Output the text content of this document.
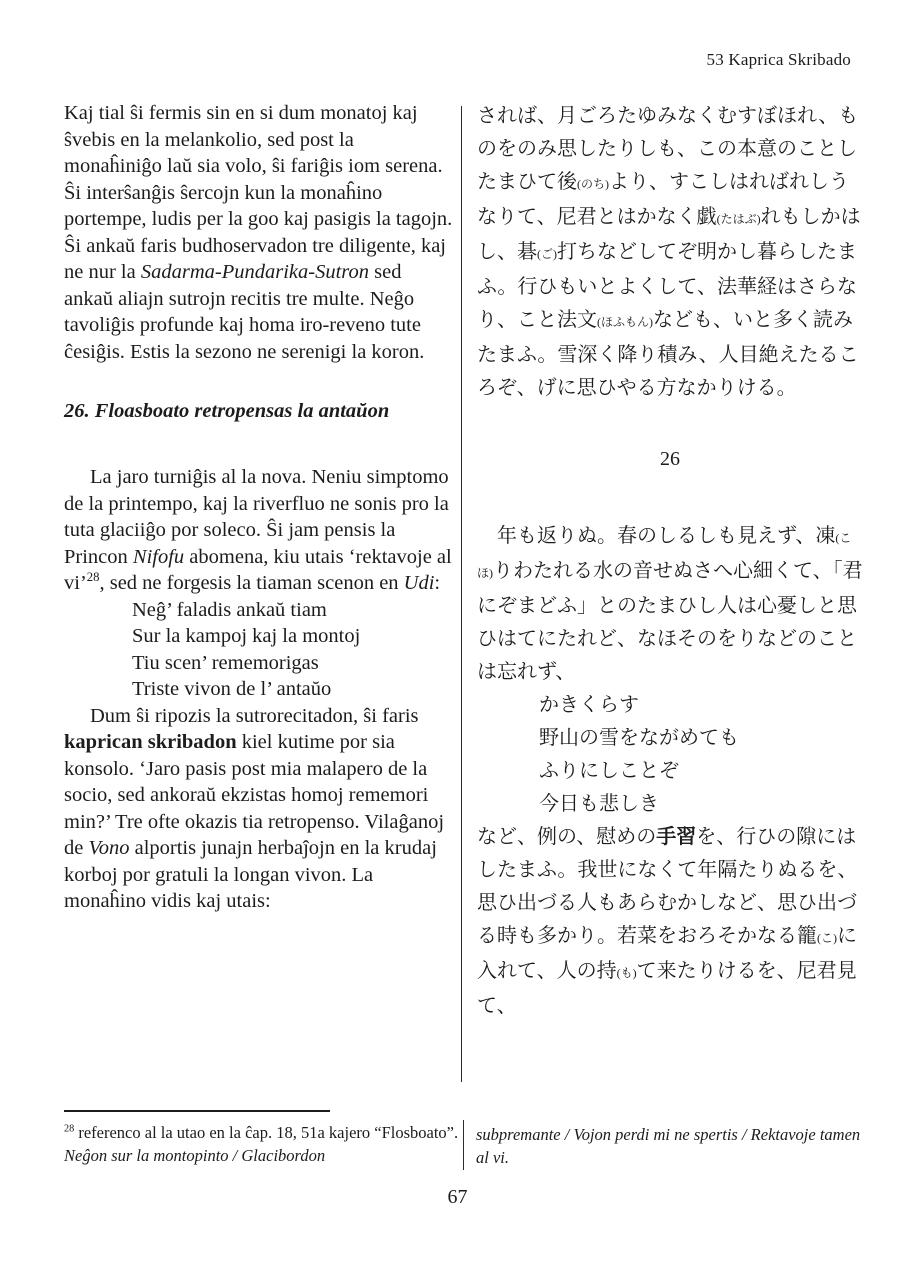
53 Kaprica Skribado

Kaj tial ŝi fermis sin en si dum monatoj kaj ŝvebis en la melankolio, sed post la monaĥiniĝo laŭ sia volo, ŝi fariĝis iom serena. Ŝi interŝanĝis ŝercojn kun la monaĥino portempe, ludis per la goo kaj pasigis la tagojn. Ŝi ankaŭ faris budhoservadon tre diligente, kaj ne nur la Sadarma-Pundarika-Sutron sed ankaŭ aliajn sutrojn recitis tre multe. Neĝo tavoliĝis profunde kaj homa iro-reveno tute ĉesiĝis. Estis la sezono ne serenigi la koron.

26. Floasboato retropensas la antaŭon

La jaro turniĝis al la nova. Neniu simptomo de la printempo, kaj la riverfluo ne sonis pro la tuta glaciiĝo por soleco. Ŝi jam pensis la Princon Nifofu abomena, kiu utais ‘rektavoje al vi’$^{28}$, sed ne forgesis la tiaman scenon en Udi:

Neĝ’ faladis ankaŭ tiam
Sur la kampoj kaj la montoj
Tiu scen’ rememorigas
Triste vivon de l’ antaŭo

Dum ŝi ripozis la sutrorecitadon, ŝi faris kaprican skribadon kiel kutime por sia konsolo. ‘Jaro pasis post mia malapero de la socio, sed ankoraŭ ekzistas homoj rememori min?’ Tre ofte okazis tia retropenso. Vilaĝanoj de Vono alportis junajn herbaĵojn en la krudaj korboj por gratuli la longan vivon. La monaĥino vidis kaj utais:

されば、月ごろたゆみなくむすぼほれ、ものをのみ思したりしも、この本意のことしたまひて後(のち)より、すこしはればれしうなりて、尼君とはかなく戯(たはぶ)れもしかはし、碁(ご)打ちなどしてぞ明かし暮らしたまふ。行ひもいとよくして、法華経はさらなり、こと法文(ほふもん)なども、いと多く読みたまふ。雪深く降り積み、人目絶えたるころぞ、げに思ひやる方なかりける。

26

　年も返りぬ。春のしるしも見えず、凍(こほ)りわたれる水の音せぬさへ心細くて、「君にぞまどふ」とのたまひし人は心憂しと思ひはてにたれど、なほそのをりなどのことは忘れず、

かきくらす
野山の雪をながめても
ふりにしことぞ
今日も悲しき

など、例の、慰めの手習を、行ひの隙にはしたまふ。我世になくて年隔たりぬるを、思ひ出づる人もあらむかしなど、思ひ出づる時も多かり。若菜をおろそかなる籠(こ)に入れて、人の持(も)て来たりけるを、尼君見て、

$^{28}$ referenco al la utao en la ĉap. 18, 51a kajero “Flosboato”. Neĝon sur la montopinto / Glacibordon

subpremante / Vojon perdi mi ne spertis / Rektavoje tamen al vi.

67
